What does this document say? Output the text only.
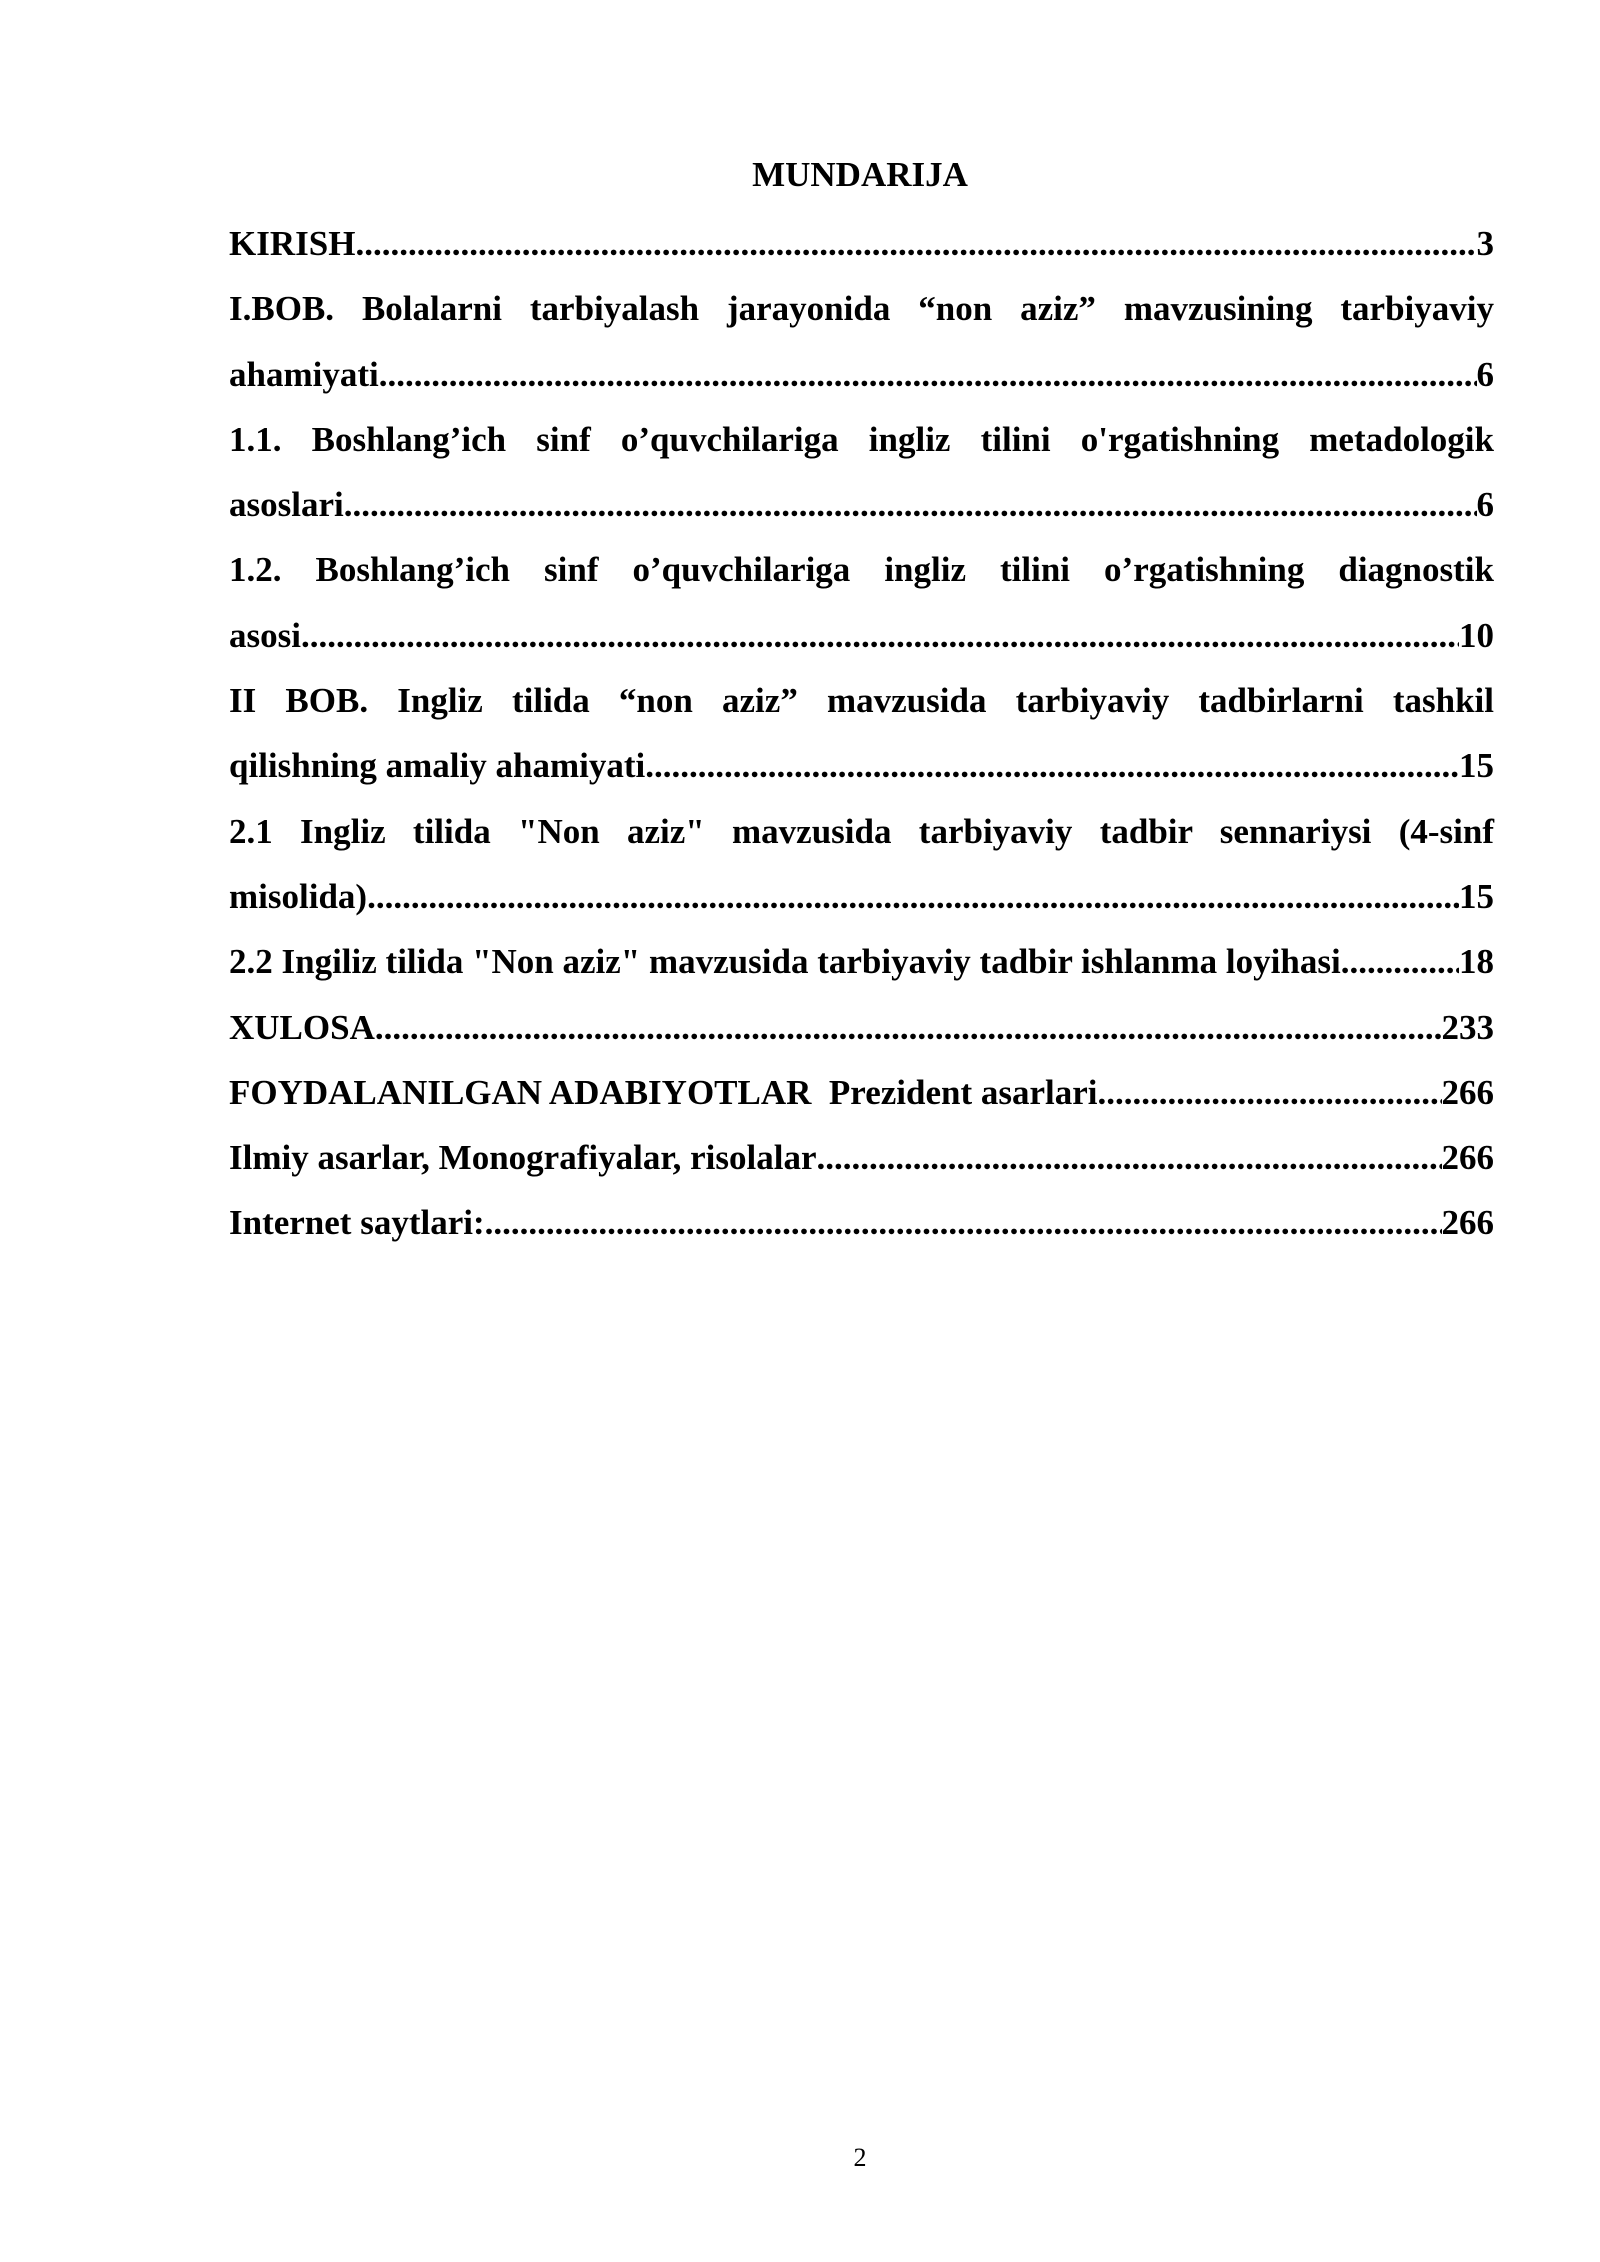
MUNDARIJA
KIRISH .....	3
I.BOB. Bolalarni tarbiyalash jarayonida “non aziz” mavzusining tarbiyaviy
ahamiyati .....	6
1.1. Boshlang’ich sinf o’quvchilariga ingliz tilini o'rgatishning metadologik
asoslari .....	6
1.2. Boshlang’ich sinf o’quvchilariga ingliz tilini o’rgatishning diagnostik
asosi .....	10
II BOB. Ingliz tilida “non aziz” mavzusida tarbiyaviy tadbirlarni tashkil
qilishning amaliy ahamiyati .....	15
2.1 Ingliz tilida "Non aziz" mavzusida tarbiyaviy tadbir sennariysi (4-sinf
misolida) .....	15
2.2 Ingiliz tilida "Non aziz" mavzusida tarbiyaviy tadbir ishlanma loyihasi .....	18
XULOSA .....	233
FOYDALANILGAN ADABIYOTLAR  Prezident asarlari .....	266
Ilmiy asarlar, Monografiyalar, risolalar .....	266
Internet saytlari: .....	266
2
